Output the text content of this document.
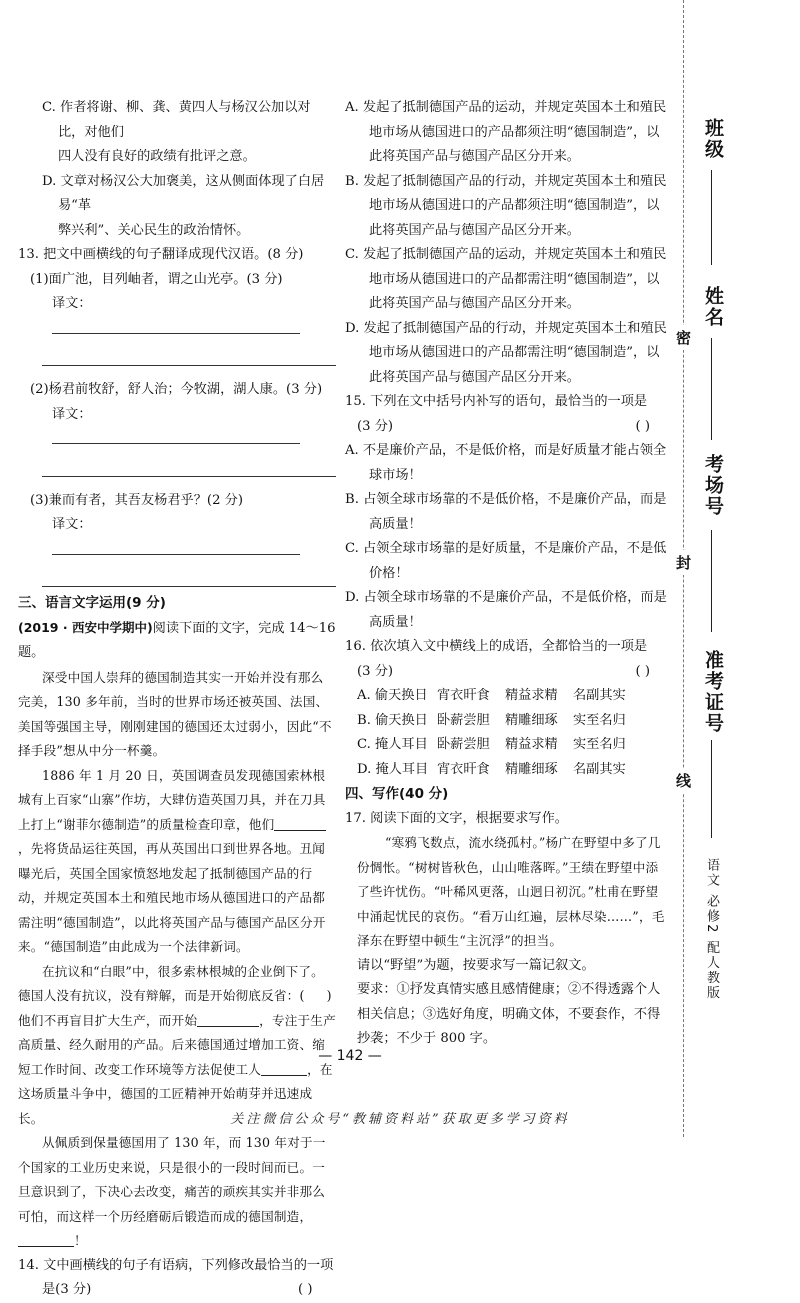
C. 作者将谢、柳、龚、黄四人与杨汉公加以对比，对他们
四人没有良好的政绩有批评之意。

D. 文章对杨汉公大加褒美，这从侧面体现了白居易“革
弊兴利”、关心民生的政治情怀。

13. 把文中画横线的句子翻译成现代汉语。(8 分)

(1)面广池，目列岫者，谓之山光亭。(3 分)

译文：

(2)杨君前牧舒，舒人治；今牧湖，湖人康。(3 分)

译文：

(3)兼而有者，其吾友杨君乎？(2 分)

译文：

三、语言文字运用(9 分)

(2019 · 西安中学期中)阅读下面的文字，完成 14～16 题。

深受中国人崇拜的德国制造其实一开始并没有那么完美，130 多年前，当时的世界市场还被英国、法国、美国等强国主导，刚刚建国的德国还太过弱小，因此“不择手段”想从中分一杯羹。

1886 年 1 月 20 日，英国调查员发现德国索林根城有上百家“山寨”作坊，大肆仿造英国刀具，并在刀具上打上“谢菲尔德制造”的质量检查印章，他们，先将货品运往英国，再从英国出口到世界各地。丑闻曝光后，英国全国家愤怒地发起了抵制德国产品的行动，并规定英国本土和殖民地市场从德国进口的产品都需注明“德国制造”，以此将英国产品与德国产品区分开来。“德国制造”由此成为一个法律新词。

在抗议和“白眼”中，很多索林根城的企业倒下了。德国人没有抗议，没有辩解，而是开始彻底反省：( )他们不再盲目扩大生产，而开始	，专注于生产高质量、经久耐用的产品。后来德国通过增加工资、缩短工作时间、改变工作环境等方法促使工人	，在这场质量斗争中，德国的工匠精神开始萌芽并迅速成长。

从佩质到保量德国用了 130 年，而 130 年对于一个国家的工业历史来说，只是很小的一段时间而已。一旦意识到了，下决心去改变，痛苦的顽疾其实并非那么可怕，而这样一个历经磨砺后锻造而成的德国制造，！

14. 文中画横线的句子有语病，下列修改最恰当的一项是(3 分)	( )

A. 发起了抵制德国产品的运动，并规定英国本土和殖民地市场从德国进口的产品都须注明“德国制造”，以此将英国产品与德国产品区分开来。

B. 发起了抵制德国产品的行动，并规定英国本土和殖民地市场从德国进口的产品都须注明“德国制造”，以此将英国产品与德国产品区分开来。

C. 发起了抵制德国产品的运动，并规定英国本土和殖民地市场从德国进口的产品都需注明“德国制造”，以此将英国产品与德国产品区分开来。

D. 发起了抵制德国产品的行动，并规定英国本土和殖民地市场从德国进口的产品都需注明“德国制造”，以此将英国产品与德国产品区分开来。

15. 下列在文中括号内补写的语句，最恰当的一项是

(3 分)	( )

A. 不是廉价产品，不是低价格，而是好质量才能占领全球市场！

B. 占领全球市场靠的不是低价格，不是廉价产品，而是高质量！

C. 占领全球市场靠的是好质量，不是廉价产品，不是低价格！

D. 占领全球市场靠的不是廉价产品，不是低价格，而是高质量！

16. 依次填入文中横线上的成语，全都恰当的一项是

(3 分)	( )

A. 偷天换日 宵衣旰食 精益求精 名副其实

B. 偷天换日 卧薪尝胆 精雕细琢 实至名归

C. 掩人耳目 卧薪尝胆 精益求精 实至名归

D. 掩人耳目 宵衣旰食 精雕细琢 名副其实

四、写作(40 分)

17. 阅读下面的文字，根据要求写作。

“寒鸦飞数点，流水绕孤村。”杨广在野望中多了几份惆怅。“树树皆秋色，山山唯落晖。”王绩在野望中添了些许忧伤。“叶稀风更落，山迥日初沉。”杜甫在野望中涌起忧民的哀伤。“看万山红遍，层林尽染……”，毛泽东在野望中顿生“主沉浮”的担当。

请以“野望”为题，按要求写一篇记叙文。

要求：①抒发真情实感且感情健康；②不得透露个人相关信息；③选好角度，明确文体，不要套作，不得抄袭；不少于 800 字。

班级
姓名
考场号
准考证号
密
封
线
语文 必修2 配人教版
— 142 —
关注微信公众号“教辅资料站”获取更多学习资料
